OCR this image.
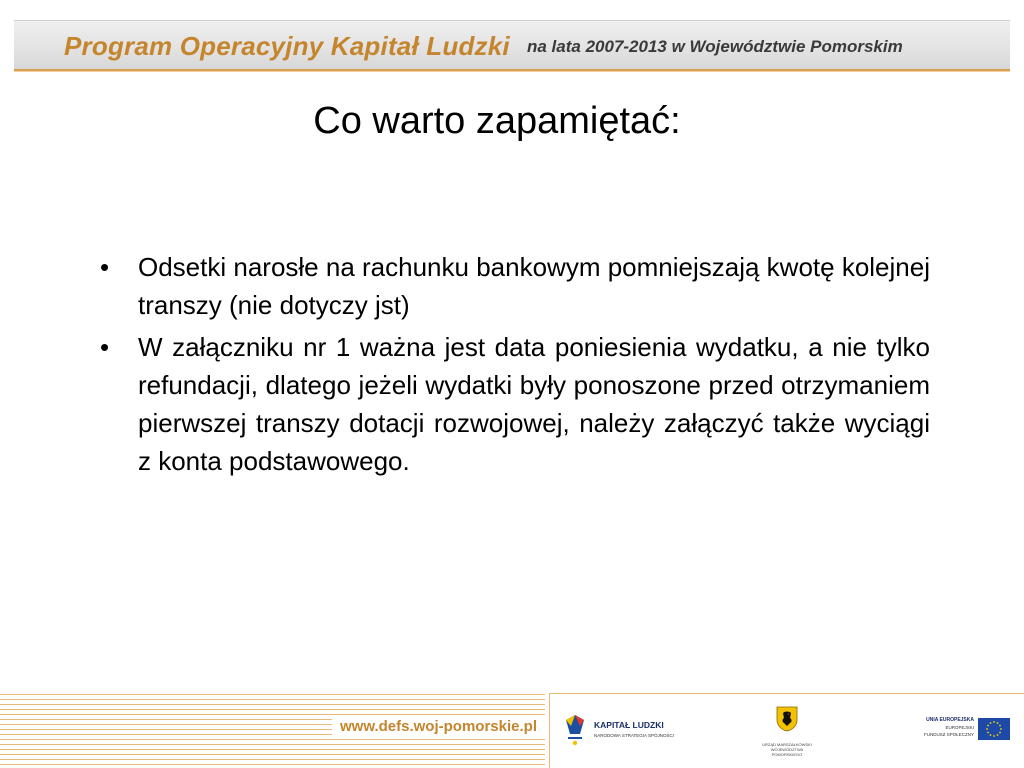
Program Operacyjny Kapitał Ludzki na lata 2007-2013 w Województwie Pomorskim
Co warto zapamiętać:
•	Odsetki narosłe na rachunku bankowym pomniejszają kwotę kolejnej transzy (nie dotyczy jst)
•	W załączniku nr 1 ważna jest data poniesienia wydatku, a nie tylko refundacji, dlatego jeżeli wydatki były ponoszone przed otrzymaniem pierwszej transzy dotacji rozwojowej, należy załączyć także wyciągi z konta podstawowego.
www.defs.woj-pomorskie.pl	KAPITAŁ LUDZKI
NARODOWA STRATEGIA SPÓJNOŚCI
URZĄD MARSZAŁKOWSKI
WOJEWÓDZTWA POMORSKIEGO
UNIA EUROPEJSKA
EUROPEJSKI
FUNDUSZ SPOŁECZNY
